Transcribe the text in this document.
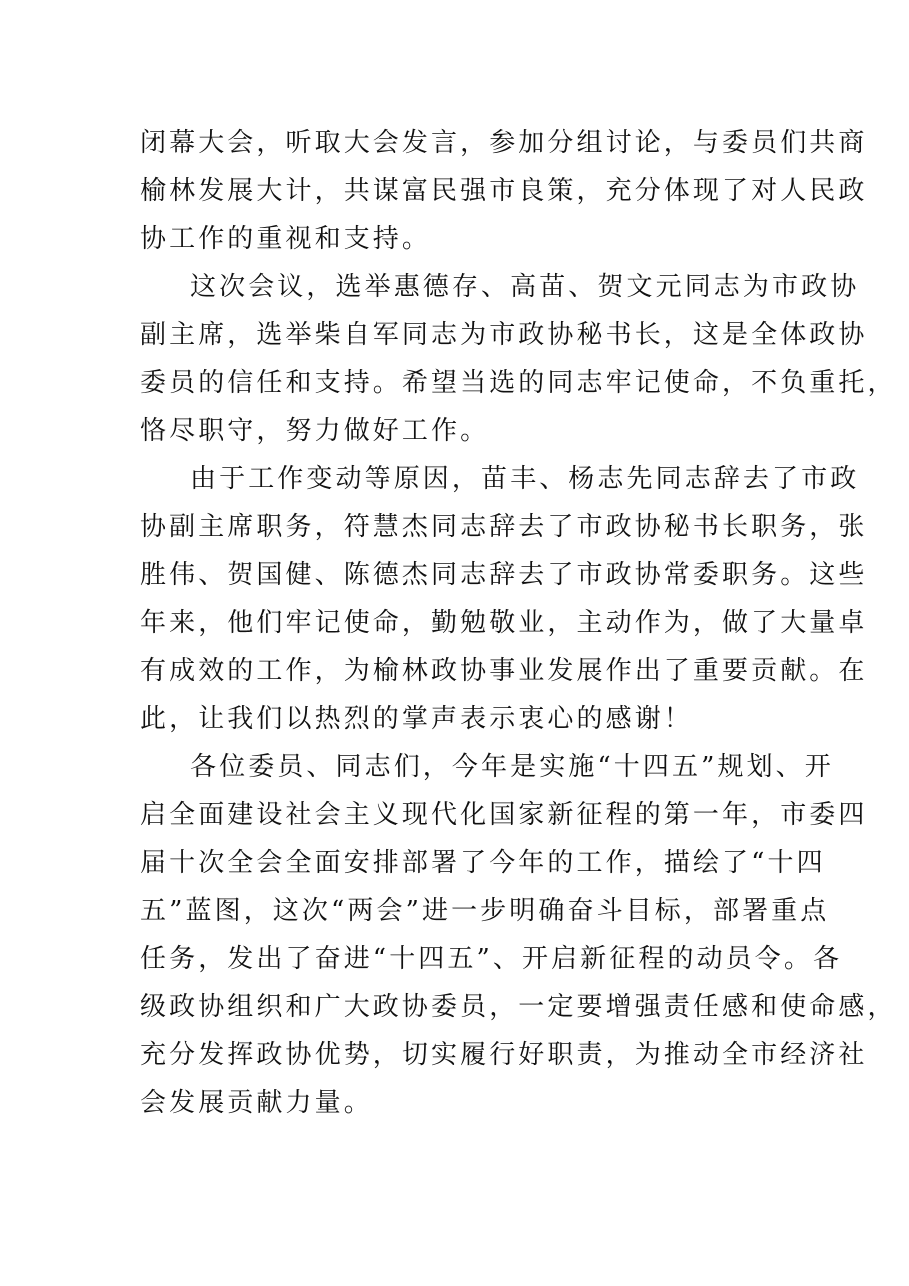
闭幕大会，听取大会发言，参加分组讨论，与委员们共商
榆林发展大计，共谋富民强市良策，充分体现了对人民政
协工作的重视和支持。
这次会议，选举惠德存、高苗、贺文元同志为市政协
副主席，选举柴自军同志为市政协秘书长，这是全体政协
委员的信任和支持。希望当选的同志牢记使命，不负重托，
恪尽职守，努力做好工作。
由于工作变动等原因，苗丰、杨志先同志辞去了市政
协副主席职务，符慧杰同志辞去了市政协秘书长职务，张
胜伟、贺国健、陈德杰同志辞去了市政协常委职务。这些
年来，他们牢记使命，勤勉敬业，主动作为，做了大量卓
有成效的工作，为榆林政协事业发展作出了重要贡献。在
此，让我们以热烈的掌声表示衷心的感谢！
各位委员、同志们，今年是实施“十四五”规划、开
启全面建设社会主义现代化国家新征程的第一年，市委四
届十次全会全面安排部署了今年的工作，描绘了“十四
五”蓝图，这次“两会”进一步明确奋斗目标，部署重点
任务，发出了奋进“十四五”、开启新征程的动员令。各
级政协组织和广大政协委员，一定要增强责任感和使命感，
充分发挥政协优势，切实履行好职责，为推动全市经济社
会发展贡献力量。
